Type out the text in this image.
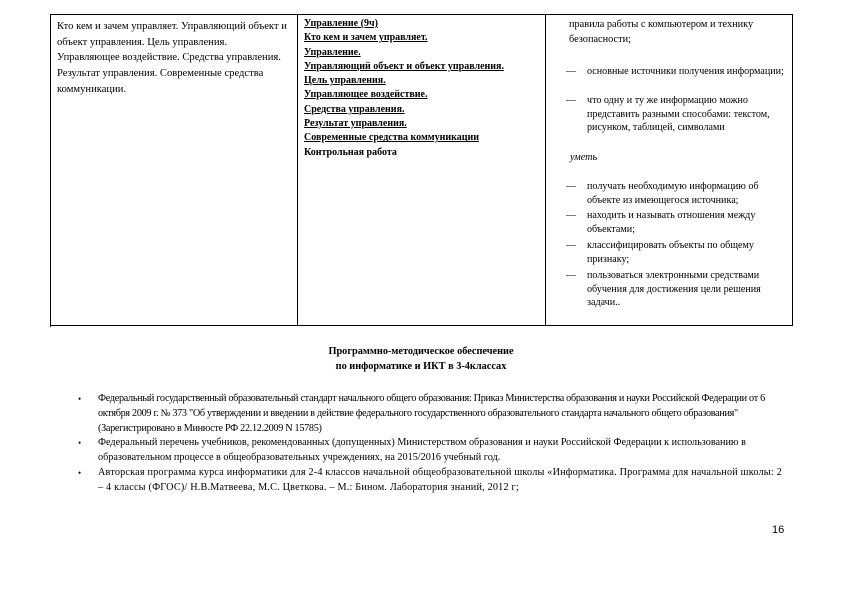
Кто кем и зачем управляет. Управляющий объект и объект управления. Цель управления. Управляющее воздействие. Средства управления. Результат управления. Современные средства коммуникации.
Управление (9ч)
Кто кем и зачем управляет.
Управление.
Управляющий объект и объект управления.
Цель управления.
Управляющее воздействие.
Средства управления.
Результат управления.
Современные средства коммуникации
Контрольная работа
правила работы с компьютером и технику безопасности;
— основные источники получения информации;
— что одну и ту же информацию можно представить разными способами: текстом, рисунком, таблицей, символами
уметь
— получать необходимую информацию об объекте из имеющегося источника;
— находить и называть отношения между объектами;
— классифицировать объекты по общему признаку;
— пользоваться электронными средствами обучения для достижения цели решения задачи..
Программно-методическое обеспечение
по информатике и ИКТ в 3-4классах
• Федеральный государственный образовательный стандарт начального общего образования: Приказ Министерства образования и науки Российской Федерации от 6 октября 2009 г. № 373 "Об утверждении и введении в действие федерального государственного образовательного стандарта начального общего образования" (Зарегистрировано в Минюсте РФ 22.12.2009 N 15785)
• Федеральный перечень учебников, рекомендованных (допущенных) Министерством образования и науки Российской Федерации к использованию в образовательном процессе в общеобразовательных учреждениях, на 2015/2016 учебный год.
• Авторская программа курса информатики для 2-4 классов начальной общеобразовательной школы «Информатика. Программа для начальной школы: 2 – 4 классы (ФГОС)/ Н.В.Матвеева, М.С. Цветкова. – М.: Бином. Лаборатория знаний, 2012 г;
16
